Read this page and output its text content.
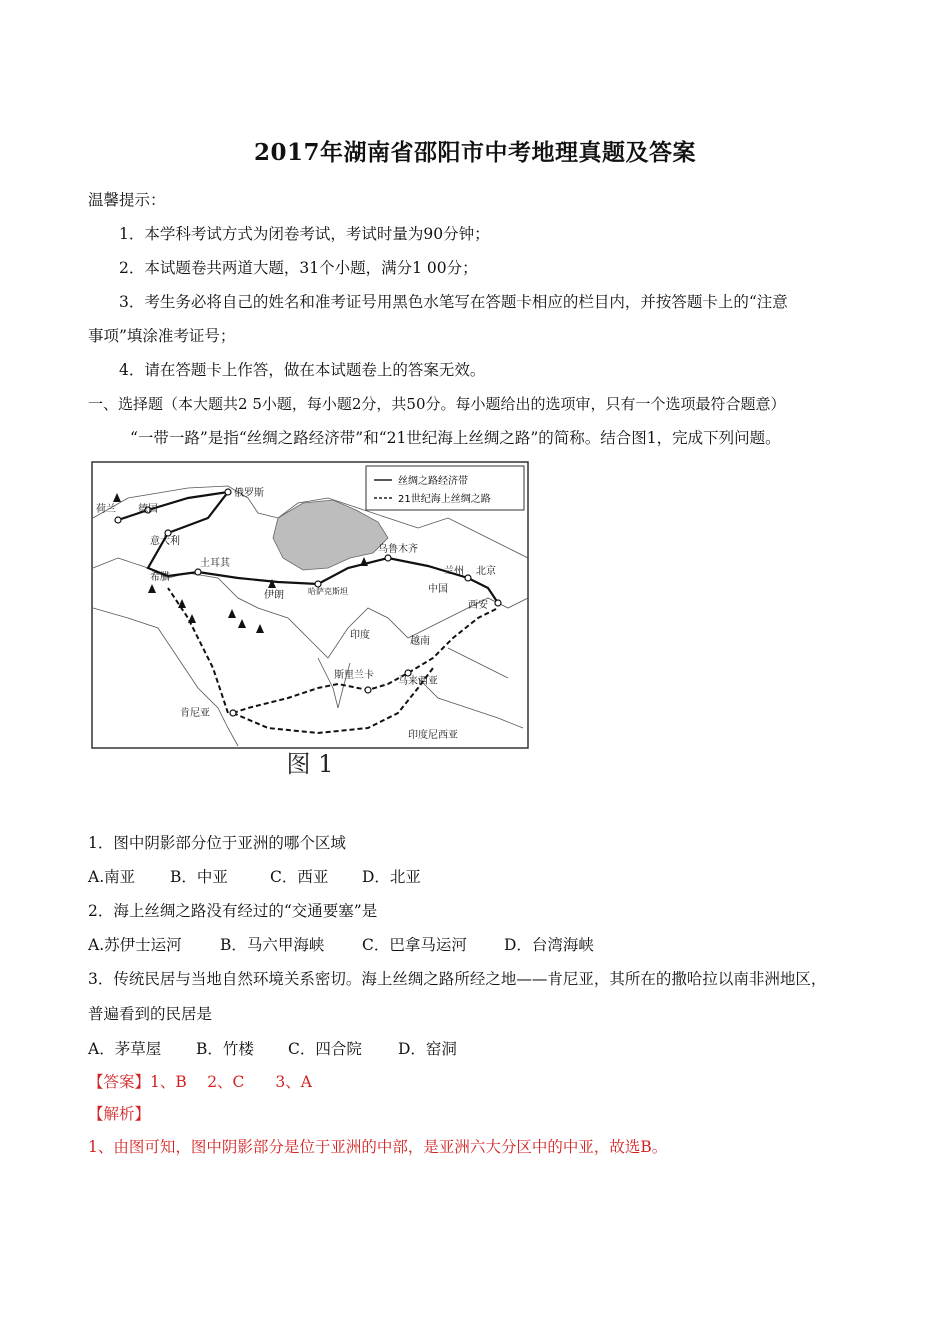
2017年湖南省邵阳市中考地理真题及答案
温馨提示：
1．本学科考试方式为闭卷考试，考试时量为90分钟；
2．本试题卷共两道大题，31个小题，满分1 00分；
3．考生务必将自己的姓名和准考证号用黑色水笔写在答题卡相应的栏目内，并按答题卡上的“注意
事项”填涂准考证号；
4．请在答题卡上作答，做在本试题卷上的答案无效。
一、选择题（本大题共2 5小题，每小题2分，共50分。每小题给出的选项审，只有一个选项最符合题意）
“一带一路”是指“丝绸之路经济带”和“21世纪海上丝绸之路”的简称。结合图1，完成下列问题。
丝绸之路经济带
21世纪海上丝绸之路
俄罗斯
荷兰 德国
意大利
土耳其
希腊
伊朗	哈萨克斯坦
乌鲁木齐
兰州 北京
中国
西安
印度
越南
斯里兰卡
马来西亚
肯尼亚
印度尼西亚
图 1
1．图中阴影部分位于亚洲的哪个区域
A.南亚 B．中亚	C．西亚 D．北亚
2．海上丝绸之路没有经过的“交通要塞”是
A.苏伊士运河 B．马六甲海峡 C．巴拿马运河 D．台湾海峡
3．传统民居与当地自然环境关系密切。海上丝绸之路所经之地——肯尼亚，其所在的撒哈拉以南非洲地区，
普遍看到的民居是
A．茅草屋 B．竹楼 C．四合院 D．窑洞
【答案】1、B　 2、C　　3、A
【解析】
1、由图可知，图中阴影部分是位于亚洲的中部，是亚洲六大分区中的中亚，故选B。
